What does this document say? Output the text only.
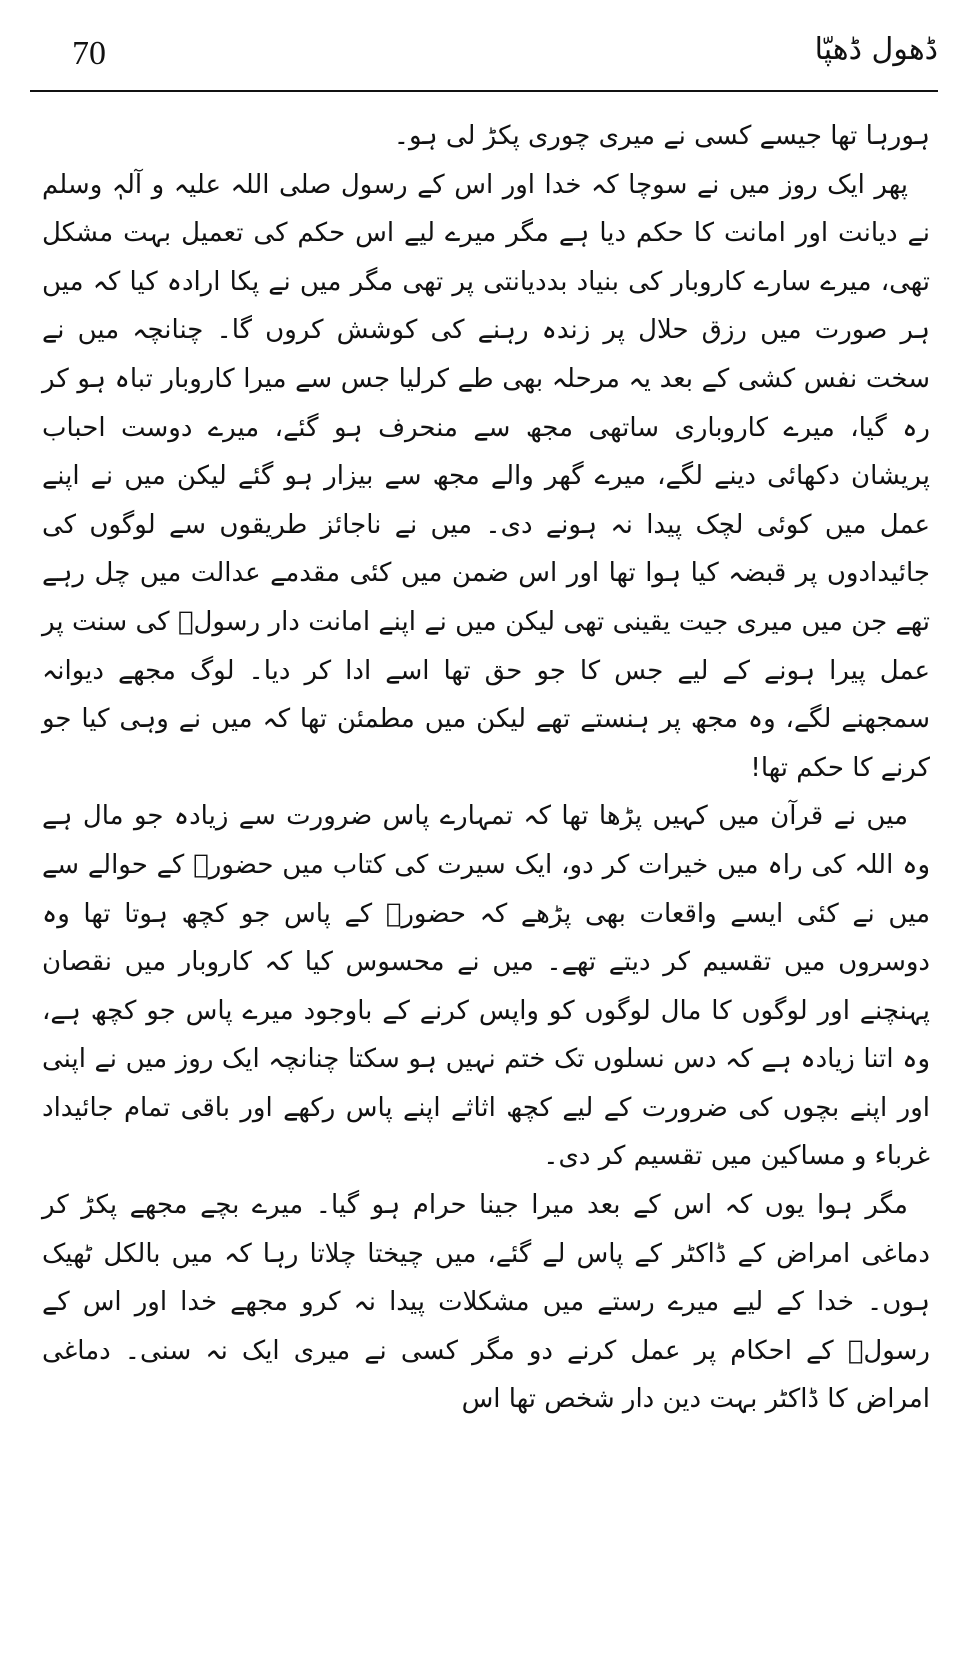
70	ڈھول ڈھپّا

ہورہا تھا جیسے کسی نے میری چوری پکڑ لی ہو۔

پھر ایک روز میں نے سوچا کہ خدا اور اس کے رسول صلی اللہ علیہ و آلہٖ وسلم نے دیانت اور امانت کا حکم دیا ہے مگر میرے لیے اس حکم کی تعمیل بہت مشکل تھی، میرے سارے کاروبار کی بنیاد بددیانتی پر تھی مگر میں نے پکا ارادہ کیا کہ میں ہر صورت میں رزق حلال پر زندہ رہنے کی کوشش کروں گا۔ چنانچہ میں نے سخت نفس کشی کے بعد یہ مرحلہ بھی طے کرلیا جس سے میرا کاروبار تباہ ہو کر رہ گیا، میرے کاروباری ساتھی مجھ سے منحرف ہو گئے، میرے دوست احباب پریشان دکھائی دینے لگے، میرے گھر والے مجھ سے بیزار ہو گئے لیکن میں نے اپنے عمل میں کوئی لچک پیدا نہ ہونے دی۔ میں نے ناجائز طریقوں سے لوگوں کی جائیدادوں پر قبضہ کیا ہوا تھا اور اس ضمن میں کئی مقدمے عدالت میں چل رہے تھے جن میں میری جیت یقینی تھی لیکن میں نے اپنے امانت دار رسولؐ کی سنت پر عمل پیرا ہونے کے لیے جس کا جو حق تھا اسے ادا کر دیا۔ لوگ مجھے دیوانہ سمجھنے لگے، وہ مجھ پر ہنستے تھے لیکن میں مطمئن تھا کہ میں نے وہی کیا جو کرنے کا حکم تھا!

میں نے قرآن میں کہیں پڑھا تھا کہ تمہارے پاس ضرورت سے زیادہ جو مال ہے وہ اللہ کی راہ میں خیرات کر دو، ایک سیرت کی کتاب میں حضورؐ کے حوالے سے میں نے کئی ایسے واقعات بھی پڑھے کہ حضورؐ کے پاس جو کچھ ہوتا تھا وہ دوسروں میں تقسیم کر دیتے تھے۔ میں نے محسوس کیا کہ کاروبار میں نقصان پہنچنے اور لوگوں کا مال لوگوں کو واپس کرنے کے باوجود میرے پاس جو کچھ ہے، وہ اتنا زیادہ ہے کہ دس نسلوں تک ختم نہیں ہو سکتا چنانچہ ایک روز میں نے اپنی اور اپنے بچوں کی ضرورت کے لیے کچھ اثاثے اپنے پاس رکھے اور باقی تمام جائیداد غرباء و مساکین میں تقسیم کر دی۔

مگر ہوا یوں کہ اس کے بعد میرا جینا حرام ہو گیا۔ میرے بچے مجھے پکڑ کر دماغی امراض کے ڈاکٹر کے پاس لے گئے، میں چیختا چلاتا رہا کہ میں بالکل ٹھیک ہوں۔ خدا کے لیے میرے رستے میں مشکلات پیدا نہ کرو مجھے خدا اور اس کے رسولؐ کے احکام پر عمل کرنے دو مگر کسی نے میری ایک نہ سنی۔ دماغی امراض کا ڈاکٹر بہت دین دار شخص تھا اس
